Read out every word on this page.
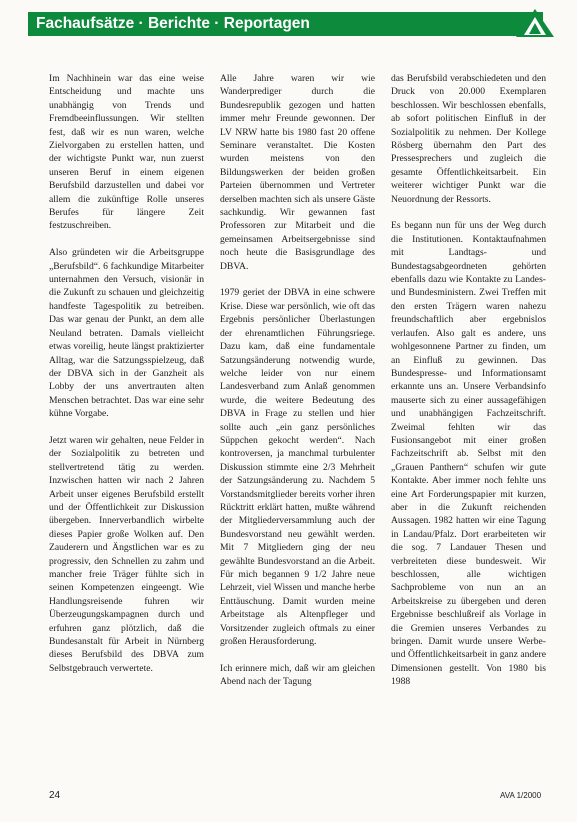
Fachaufsätze · Berichte · Reportagen

Im Nachhinein war das eine weise Entscheidung und machte uns unabhängig von Trends und Fremdbeeinflussungen. Wir stellten fest, daß wir es nun waren, welche Zielvorgaben zu erstellen hatten, und der wichtigste Punkt war, nun zuerst unseren Beruf in einem eigenen Berufsbild darzustellen und dabei vor allem die zukünftige Rolle unseres Berufes für längere Zeit festzuschreiben.

Also gründeten wir die Arbeitsgruppe „Berufsbild“. 6 fachkundige Mitarbeiter unternahmen den Versuch, visionär in die Zukunft zu schauen und gleichzeitig handfeste Tagespolitik zu betreiben. Das war genau der Punkt, an dem alle Neuland betraten. Damals vielleicht etwas voreilig, heute längst praktizierter Alltag, war die Satzungsspielzeug, daß der DBVA sich in der Ganzheit als Lobby der uns anvertrauten alten Menschen betrachtet. Das war eine sehr kühne Vorgabe.

Jetzt waren wir gehalten, neue Felder in der Sozialpolitik zu betreten und stellvertretend tätig zu werden. Inzwischen hatten wir nach 2 Jahren Arbeit unser eigenes Berufsbild erstellt und der Öffentlichkeit zur Diskussion übergeben. Innerverbandlich wirbelte dieses Papier große Wolken auf. Den Zauderern und Ängstlichen war es zu progressiv, den Schnellen zu zahm und mancher freie Träger fühlte sich in seinen Kompetenzen eingeengt. Wie Handlungsreisende fuhren wir Überzeugungskampagnen durch und erfuhren ganz plötzlich, daß die Bundesanstalt für Arbeit in Nürnberg dieses Berufsbild des DBVA zum Selbstgebrauch verwertete.

Alle Jahre waren wir wie Wanderprediger durch die Bundesrepublik gezogen und hatten immer mehr Freunde gewonnen. Der LV NRW hatte bis 1980 fast 20 offene Seminare veranstaltet. Die Kosten wurden meistens von den Bildungswerken der beiden großen Parteien übernommen und Vertreter derselben machten sich als unsere Gäste sachkundig. Wir gewannen fast Professoren zur Mitarbeit und die gemeinsamen Arbeitsergebnisse sind noch heute die Basisgrundlage des DBVA.

1979 geriet der DBVA in eine schwere Krise. Diese war persönlich, wie oft das Ergebnis persönlicher Überlastungen der ehrenamtlichen Führungsriege. Dazu kam, daß eine fundamentale Satzungsänderung notwendig wurde, welche leider von nur einem Landesverband zum Anlaß genommen wurde, die weitere Bedeutung des DBVA in Frage zu stellen und hier sollte auch „ein ganz persönliches Süppchen gekocht werden“. Nach kontroversen, ja manchmal turbulenter Diskussion stimmte eine 2/3 Mehrheit der Satzungsänderung zu. Nachdem 5 Vorstandsmitglieder bereits vorher ihren Rücktritt erklärt hatten, mußte während der Mitgliederversammlung auch der Bundesvorstand neu gewählt werden. Mit 7 Mitgliedern ging der neu gewählte Bundesvorstand an die Arbeit. Für mich begannen 9 1/2 Jahre neue Lehrzeit, viel Wissen und manche herbe Enttäuschung. Damit wurden meine Arbeitstage als Altenpfleger und Vorsitzender zugleich oftmals zu einer großen Herausforderung.

Ich erinnere mich, daß wir am gleichen Abend nach der Tagung

das Berufsbild verabschiedeten und den Druck von 20.000 Exemplaren beschlossen. Wir beschlossen ebenfalls, ab sofort politischen Einfluß in der Sozialpolitik zu nehmen. Der Kollege Rösberg übernahm den Part des Pressesprechers und zugleich die gesamte Öffentlichkeitsarbeit. Ein weiterer wichtiger Punkt war die Neuordnung der Ressorts.

Es begann nun für uns der Weg durch die Institutionen. Kontaktaufnahmen mit Landtags- und Bundestagsabgeordneten gehörten ebenfalls dazu wie Kontakte zu Landes- und Bundesministern. Zwei Treffen mit den ersten Trägern waren nahezu freundschaftlich aber ergebnislos verlaufen. Also galt es andere, uns wohlgesonnene Partner zu finden, um an Einfluß zu gewinnen. Das Bundespresse- und Informationsamt erkannte uns an. Unsere Verbandsinfo mauserte sich zu einer aussagefähigen und unabhängigen Fachzeitschrift. Zweimal fehlten wir das Fusionsangebot mit einer großen Fachzeitschrift ab. Selbst mit den „Grauen Panthern“ schufen wir gute Kontakte. Aber immer noch fehlte uns eine Art Forderungspapier mit kurzen, aber in die Zukunft reichenden Aussagen. 1982 hatten wir eine Tagung in Landau/Pfalz. Dort erarbeiteten wir die sog. 7 Landauer Thesen und verbreiteten diese bundesweit. Wir beschlossen, alle wichtigen Sachprobleme von nun an an Arbeitskreise zu übergeben und deren Ergebnisse beschlußreif als Vorlage in die Gremien unseres Verbandes zu bringen. Damit wurde unsere Werbe- und Öffentlichkeitsarbeit in ganz andere Dimensionen gestellt. Von 1980 bis 1988

24	AVA 1/2000
